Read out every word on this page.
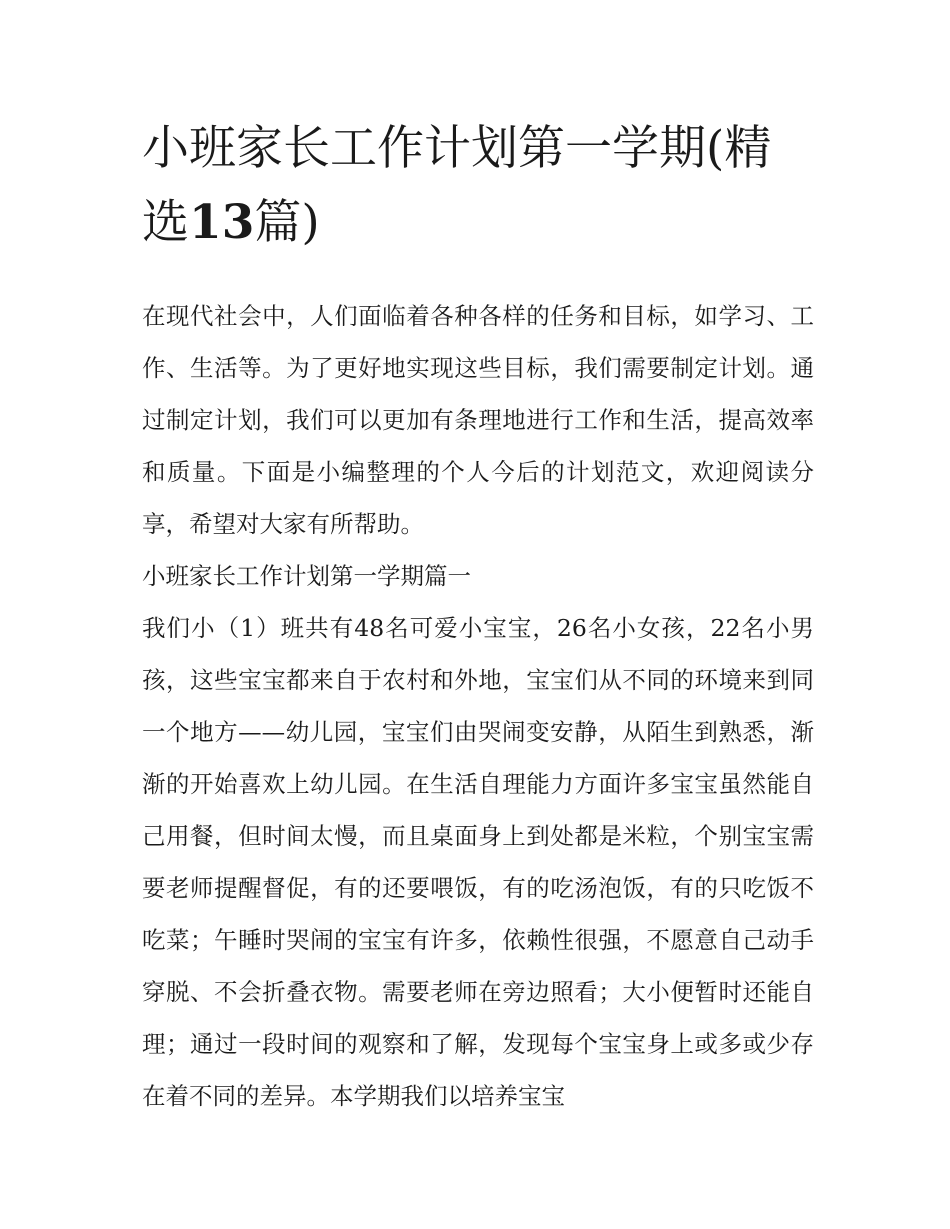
小班家长工作计划第一学期(精选13篇)

在现代社会中，人们面临着各种各样的任务和目标，如学习、工作、生活等。为了更好地实现这些目标，我们需要制定计划。通过制定计划，我们可以更加有条理地进行工作和生活，提高效率和质量。下面是小编整理的个人今后的计划范文，欢迎阅读分享，希望对大家有所帮助。

小班家长工作计划第一学期篇一

我们小（1）班共有48名可爱小宝宝，26名小女孩，22名小男孩，这些宝宝都来自于农村和外地，宝宝们从不同的环境来到同一个地方——幼儿园，宝宝们由哭闹变安静，从陌生到熟悉，渐渐的开始喜欢上幼儿园。在生活自理能力方面许多宝宝虽然能自己用餐，但时间太慢，而且桌面身上到处都是米粒，个别宝宝需要老师提醒督促，有的还要喂饭，有的吃汤泡饭，有的只吃饭不吃菜；午睡时哭闹的宝宝有许多，依赖性很强，不愿意自己动手穿脱、不会折叠衣物。需要老师在旁边照看；大小便暂时还能自理；通过一段时间的观察和了解，发现每个宝宝身上或多或少存在着不同的差异。本学期我们以培养宝宝
